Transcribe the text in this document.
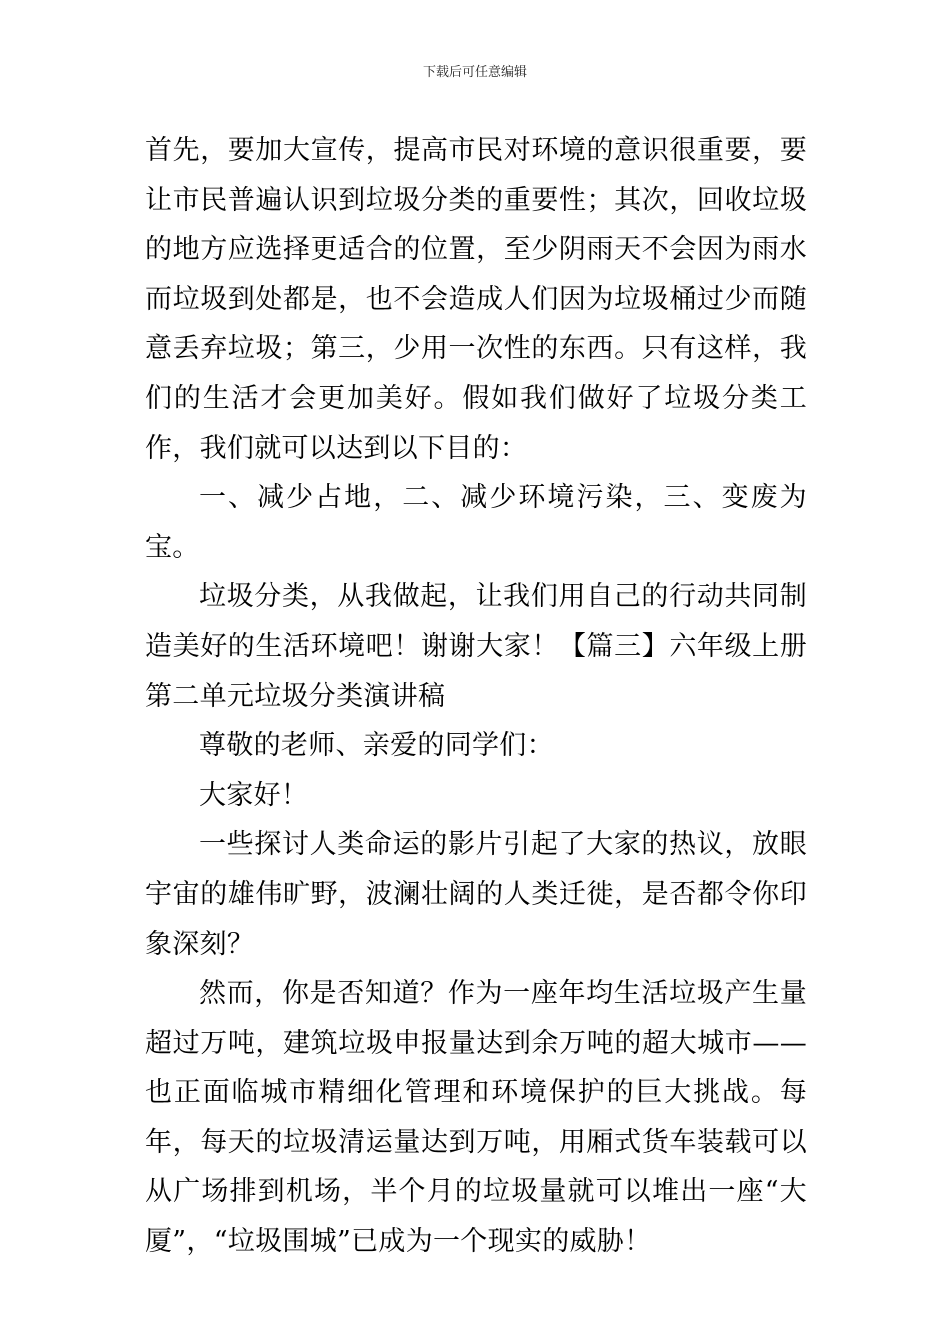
下载后可任意编辑

首先，要加大宣传，提高市民对环境的意识很重要，要让市民普遍认识到垃圾分类的重要性；其次，回收垃圾的地方应选择更适合的位置，至少阴雨天不会因为雨水而垃圾到处都是，也不会造成人们因为垃圾桶过少而随意丢弃垃圾；第三，少用一次性的东西。只有这样，我们的生活才会更加美好。假如我们做好了垃圾分类工作，我们就可以达到以下目的：

一、减少占地，二、减少环境污染，三、变废为宝。

垃圾分类，从我做起，让我们用自己的行动共同制造美好的生活环境吧！谢谢大家！【篇三】六年级上册第二单元垃圾分类演讲稿

尊敬的老师、亲爱的同学们：

大家好！

一些探讨人类命运的影片引起了大家的热议，放眼宇宙的雄伟旷野，波澜壮阔的人类迁徙，是否都令你印象深刻？

然而，你是否知道？作为一座年均生活垃圾产生量超过万吨，建筑垃圾申报量达到余万吨的超大城市——也正面临城市精细化管理和环境保护的巨大挑战。每年，每天的垃圾清运量达到万吨，用厢式货车装载可以从广场排到机场，半个月的垃圾量就可以堆出一座“大厦”，“垃圾围城”已成为一个现实的威胁！
